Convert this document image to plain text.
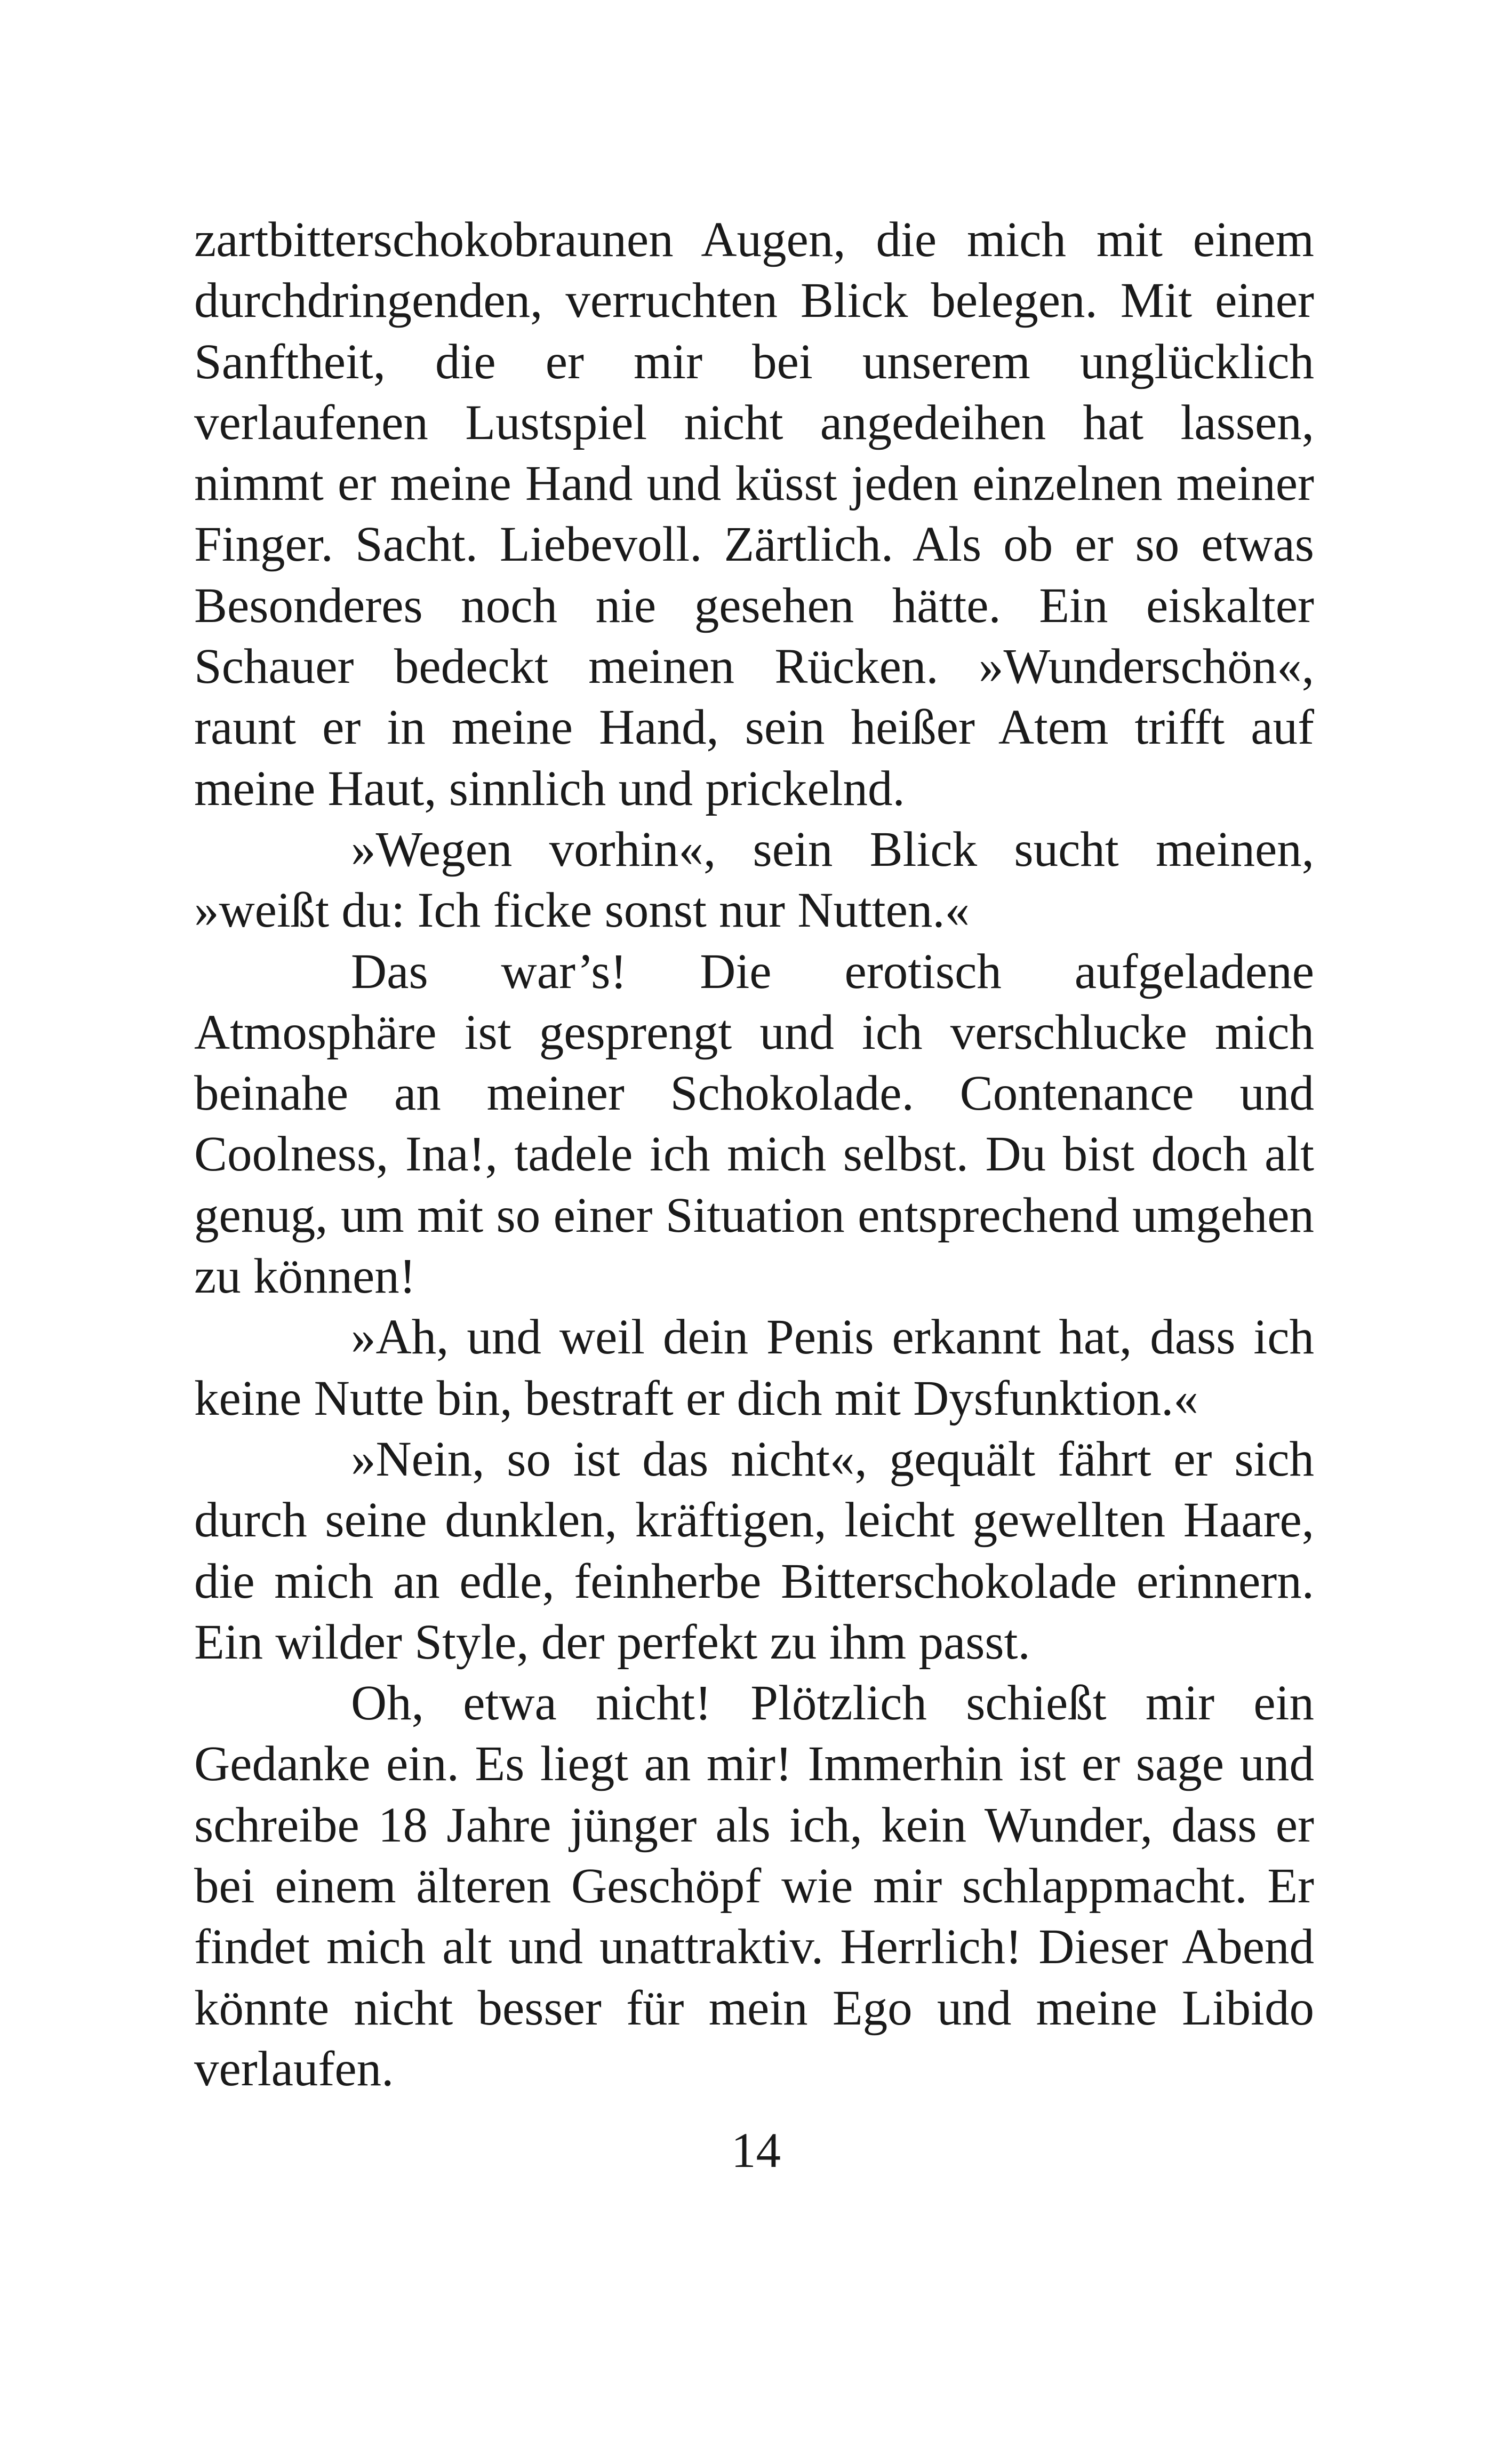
zartbitterschokobraunen Augen, die mich mit einem durchdringenden, verruchten Blick belegen. Mit einer Sanftheit, die er mir bei unserem unglücklich verlaufenen Lustspiel nicht angedeihen hat lassen, nimmt er meine Hand und küsst jeden einzelnen meiner Finger. Sacht. Liebevoll. Zärtlich. Als ob er so etwas Besonderes noch nie gesehen hätte. Ein eiskalter Schauer bedeckt meinen Rücken. »Wunderschön«, raunt er in meine Hand, sein heißer Atem trifft auf meine Haut, sinnlich und prickelnd.

»Wegen vorhin«, sein Blick sucht meinen, »weißt du: Ich ficke sonst nur Nutten.«

Das war’s! Die erotisch aufgeladene Atmosphäre ist gesprengt und ich verschlucke mich beinahe an meiner Schokolade. Contenance und Coolness, Ina!, tadele ich mich selbst. Du bist doch alt genug, um mit so einer Situation entsprechend umgehen zu können!

»Ah, und weil dein Penis erkannt hat, dass ich keine Nutte bin, bestraft er dich mit Dysfunktion.«

»Nein, so ist das nicht«, gequält fährt er sich durch seine dunklen, kräftigen, leicht gewellten Haare, die mich an edle, feinherbe Bitterschokolade erinnern. Ein wilder Style, der perfekt zu ihm passt.

Oh, etwa nicht! Plötzlich schießt mir ein Gedanke ein. Es liegt an mir! Immerhin ist er sage und schreibe 18 Jahre jünger als ich, kein Wunder, dass er bei einem älteren Geschöpf wie mir schlappmacht. Er findet mich alt und unattraktiv. Herrlich! Dieser Abend könnte nicht besser für mein Ego und meine Libido verlaufen.

14
